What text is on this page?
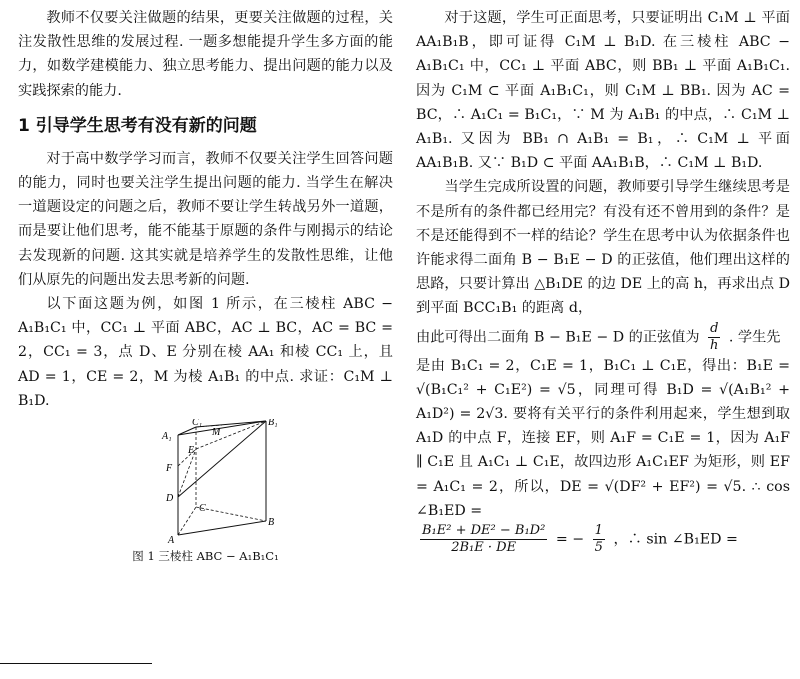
教师不仅要关注做题的结果，更要关注做题的过程，关注发散性思维的发展过程. 一题多想能提升学生多方面的能力，如数学建模能力、独立思考能力、提出问题的能力以及实践探索的能力.

1 引导学生思考有没有新的问题

对于高中数学学习而言，教师不仅要关注学生回答问题的能力，同时也要关注学生提出问题的能力. 当学生在解决一道题设定的问题之后，教师不要让学生转战另外一道题，而是要让他们思考，能不能基于原题的条件与刚揭示的结论去发现新的问题. 这其实就是培养学生的发散性思维，让他们从原先的问题出发去思考新的问题.

以下面这题为例，如图 1 所示，在三棱柱 ABC − A₁B₁C₁ 中，CC₁ ⊥ 平面 ABC，AC ⊥ BC，AC = BC = 2，CC₁ = 3，点 D、E 分别在棱 AA₁ 和棱 CC₁ 上，且 AD = 1，CE = 2，M 为棱 A₁B₁ 的中点. 求证：C₁M ⊥ B₁D.

C₁
M
B₁
A₁
E
F
D
C
B
A
图 1 三棱柱 ABC − A₁B₁C₁

对于这题，学生可正面思考，只要证明出 C₁M ⊥ 平面 AA₁B₁B，即可证得 C₁M ⊥ B₁D. 在三棱柱 ABC − A₁B₁C₁ 中，CC₁ ⊥ 平面 ABC，则 BB₁ ⊥ 平面 A₁B₁C₁. 因为 C₁M ⊂ 平面 A₁B₁C₁，则 C₁M ⊥ BB₁. 因为 AC = BC，∴ A₁C₁ = B₁C₁，∵ M 为 A₁B₁ 的中点，∴ C₁M ⊥ A₁B₁. 又因为 BB₁ ∩ A₁B₁ = B₁，∴ C₁M ⊥ 平面 AA₁B₁B. 又∵ B₁D ⊂ 平面 AA₁B₁B，∴ C₁M ⊥ B₁D.

当学生完成所设置的问题，教师要引导学生继续思考是不是所有的条件都已经用完？有没有还不曾用到的条件？是不是还能得到不一样的结论？学生在思考中认为依据条件也许能求得二面角 B − B₁E − D 的正弦值，他们理出这样的思路，只要计算出 △B₁DE 的边 DE 上的高 h，再求出点 D 到平面 BCC₁B₁ 的距离 d，

由此可得出二面角 B − B₁E − D 的正弦值为 $\frac{d}{h}$ . 学生先

是由 B₁C₁ = 2，C₁E = 1，B₁C₁ ⊥ C₁E，得出：B₁E = √(B₁C₁² + C₁E²) = √5，同理可得 B₁D = √(A₁B₁² + A₁D²) = 2√3. 要将有关平行的条件利用起来，学生想到取 A₁D 的中点 F，连接 EF，则 A₁F = C₁E = 1，因为 A₁F ∥ C₁E 且 A₁C₁ ⊥ C₁E，故四边形 A₁C₁EF 为矩形，则 EF = A₁C₁ = 2，所以，DE = √(DF² + EF²) = √5. ∴ cos ∠B₁ED =

$\frac{\text{B₁E² + DE² − B₁D²}}{\text{2B₁E · DE}}$ = − $\frac{1}{5}$ ，∴ sin ∠B₁ED =
